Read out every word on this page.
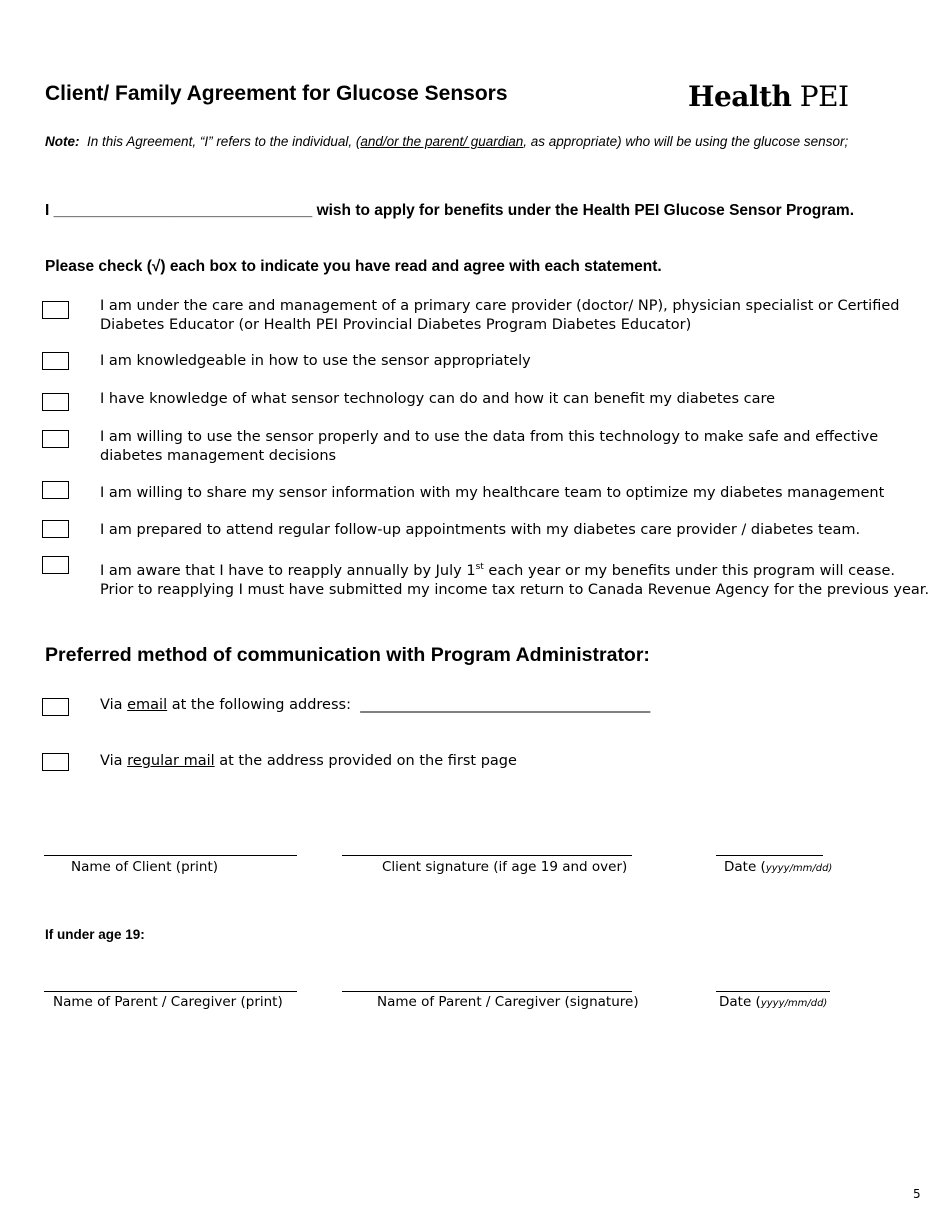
Client/ Family Agreement for Glucose Sensors	Health PEI
Note: In this Agreement, “I” refers to the individual, (and/or the parent/ guardian, as appropriate) who will be using the glucose sensor;
I ______________________________ wish to apply for benefits under the Health PEI Glucose Sensor Program.
Please check (√) each box to indicate you have read and agree with each statement.
I am under the care and management of a primary care provider (doctor/ NP), physician specialist or Certified Diabetes Educator (or Health PEI Provincial Diabetes Program Diabetes Educator)
I am knowledgeable in how to use the sensor appropriately
I have knowledge of what sensor technology can do and how it can benefit my diabetes care
I am willing to use the sensor properly and to use the data from this technology to make safe and effective diabetes management decisions
I am willing to share my sensor information with my healthcare team to optimize my diabetes management
I am prepared to attend regular follow-up appointments with my diabetes care provider / diabetes team.
I am aware that I have to reapply annually by July 1st each year or my benefits under this program will cease. Prior to reapplying I must have submitted my income tax return to Canada Revenue Agency for the previous year.
Preferred method of communication with Program Administrator:
Via email at the following address: ________________________________________
Via regular mail at the address provided on the first page
Name of Client (print)	Client signature (if age 19 and over)	Date (yyyy/mm/dd)
If under age 19:
Name of Parent / Caregiver (print)	Name of Parent / Caregiver (signature)	Date (yyyy/mm/dd)
5
